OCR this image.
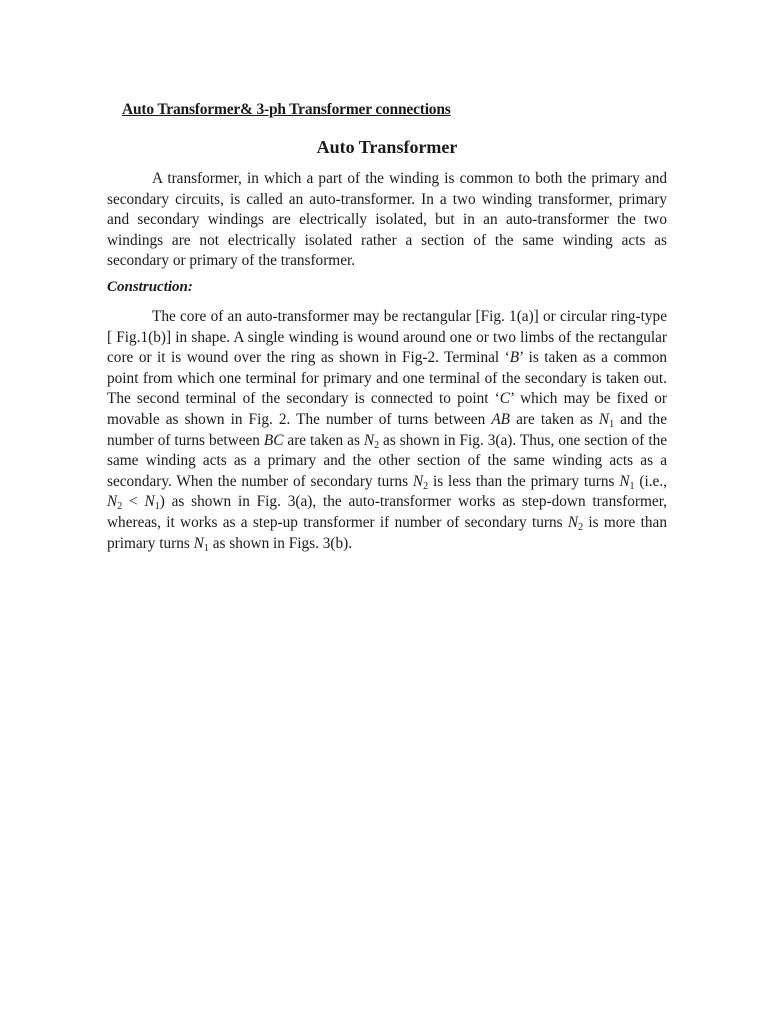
Auto Transformer& 3-ph Transformer connections
Auto Transformer

A transformer, in which a part of the winding is common to both the primary and secondary circuits, is called an auto-transformer. In a two winding transformer, primary and secondary windings are electrically isolated, but in an auto-transformer the two windings are not electrically isolated rather a section of the same winding acts as secondary or primary of the transformer.

Construction:

The core of an auto-transformer may be rectangular [Fig. 1(a)] or circular ring-type [ Fig.1(b)] in shape. A single winding is wound around one or two limbs of the rectangular core or it is wound over the ring as shown in Fig-2. Terminal ‘B’ is taken as a common point from which one terminal for primary and one terminal of the secondary is taken out. The second terminal of the secondary is connected to point ‘C’ which may be fixed or movable as shown in Fig. 2. The number of turns between AB are taken as $N_1$ and the number of turns between BC are taken as $N_2$ as shown in Fig. 3(a). Thus, one section of the same winding acts as a primary and the other section of the same winding acts as a secondary. When the number of secondary turns $N_2$ is less than the primary turns $N_1$ (i.e., $N_2 < N_1$) as shown in Fig. 3(a), the auto-transformer works as step-down transformer, whereas, it works as a step-up transformer if number of secondary turns $N_2$ is more than primary turns $N_1$ as shown in Figs. 3(b).
